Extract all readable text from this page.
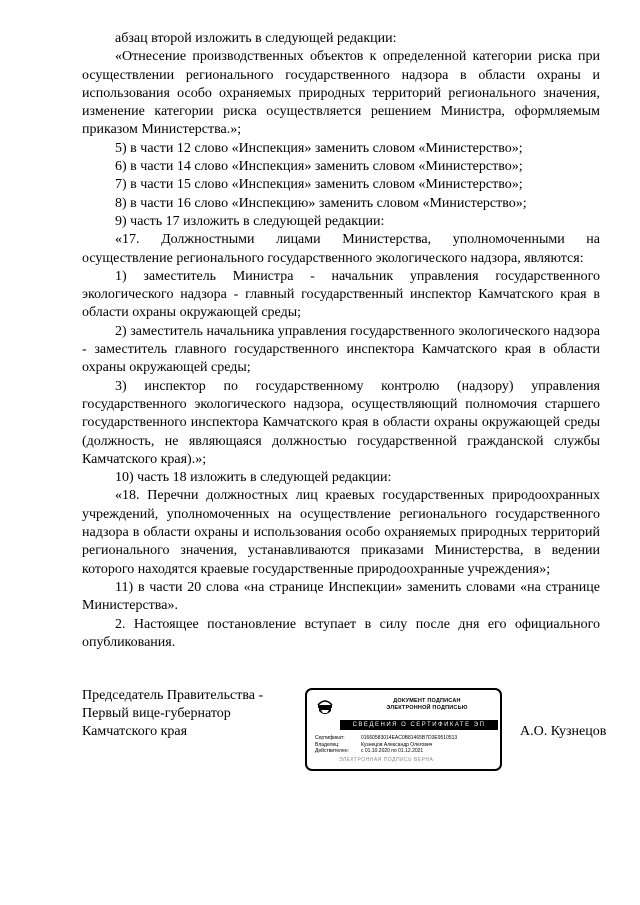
абзац второй изложить в следующей редакции:

«Отнесение производственных объектов к определенной категории риска при осуществлении регионального государственного надзора в области охраны и использования особо охраняемых природных территорий регионального значения, изменение категории риска осуществляется решением Министра, оформляемым приказом Министерства.»;

5) в части 12 слово «Инспекция» заменить словом «Министерство»;

6) в части 14 слово «Инспекция» заменить словом «Министерство»;

7) в части 15 слово «Инспекция» заменить словом «Министерство»;

8) в части 16 слово «Инспекцию» заменить словом «Министерство»;

9) часть 17 изложить в следующей редакции:

«17. Должностными лицами Министерства, уполномоченными на осуществление регионального государственного экологического надзора, являются:

1) заместитель Министра - начальник управления государственного экологического надзора - главный государственный инспектор Камчатского края в области охраны окружающей среды;

2) заместитель начальника управления государственного экологического надзора - заместитель главного государственного инспектора Камчатского края в области охраны окружающей среды;

3) инспектор по государственному контролю (надзору) управления государственного экологического надзора, осуществляющий полномочия старшего государственного инспектора Камчатского края в области охраны окружающей среды (должность, не являющаяся должностью государственной гражданской службы Камчатского края).»;

10) часть 18 изложить в следующей редакции:

«18. Перечни должностных лиц краевых государственных природоохранных учреждений, уполномоченных на осуществление регионального государственного надзора в области охраны и использования особо охраняемых природных территорий регионального значения, устанавливаются приказами Министерства, в ведении которого находятся краевые государственные природоохранные учреждения»;

11) в части 20 слова «на странице Инспекции» заменить словами «на странице Министерства».

2. Настоящее постановление вступает в силу после дня его официального опубликования.

Председатель Правительства -
Первый вице-губернатор
Камчатского края
ДОКУМЕНТ ПОДПИСАН
ЭЛЕКТРОННОЙ ПОДПИСЬЮ
СВЕДЕНИЯ О СЕРТИФИКАТЕ ЭП
Сертификат:	01660583014EAC0B81465B7D3E9510513
Владелец:	Кузнецов Александр Олегович
Действителен:	с 01.10.2020 по 01.12.2021
ЭЛЕКТРОННАЯ ПОДПИСЬ ВЕРНА
А.О. Кузнецов
